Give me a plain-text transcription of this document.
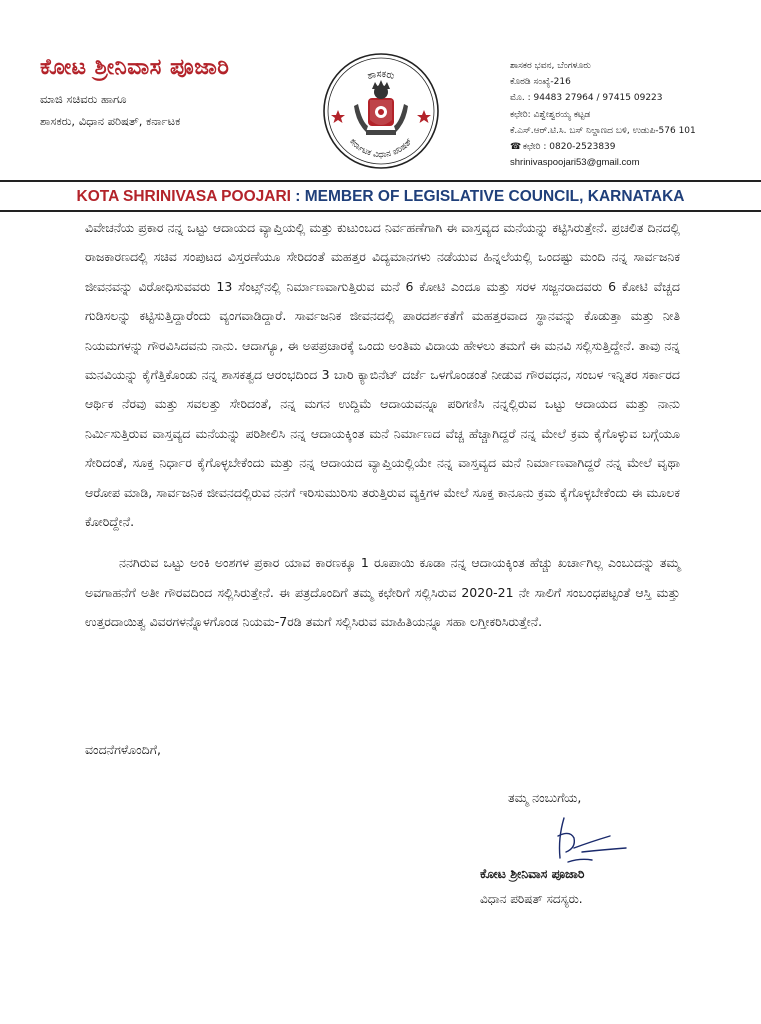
ಕೋಟ ಶ್ರೀನಿವಾಸ ಪೂಜಾರಿ
ಮಾಜಿ ಸಚಿವರು ಹಾಗೂ
ಶಾಸಕರು, ವಿಧಾನ ಪರಿಷತ್, ಕರ್ನಾಟಕ
ಶಾಸಕರು
ಕರ್ನಾಟಕ ವಿಧಾನ ಪರಿಷತ್
ಶಾಸಕರ ಭವನ, ಬೆಂಗಳೂರು
ಕೊಠಡಿ ಸಂಖ್ಯೆ-216
ಮೊ. : 94483 27964 / 97415 09223
ಕಛೇರಿ: ವಿಶ್ವೇಶ್ವರಯ್ಯ ಕಟ್ಟಡ
ಕೆ.ಎಸ್.ಆರ್.ಟಿ.ಸಿ. ಬಸ್ ನಿಲ್ದಾಣದ ಬಳಿ, ಉಡುಪಿ-576 101
☎ ಕಛೇರಿ : 0820-2523839
shrinivaspoojari53@gmail.com
KOTA SHRINIVASA POOJARI : MEMBER OF LEGISLATIVE COUNCIL, KARNATAKA

ವಿವೇಚನೆಯ ಪ್ರಕಾರ ನನ್ನ ಒಟ್ಟು ಆದಾಯದ ವ್ಯಾಪ್ತಿಯಲ್ಲಿ ಮತ್ತು ಕುಟುಂಬದ ನಿರ್ವಹಣೆಗಾಗಿ ಈ ವಾಸ್ತವ್ಯದ ಮನೆಯನ್ನು ಕಟ್ಟಿಸಿರುತ್ತೇನೆ. ಪ್ರಚಲಿತ ದಿನದಲ್ಲಿ ರಾಜಕಾರಣದಲ್ಲಿ ಸಚಿವ ಸಂಪುಟದ ವಿಸ್ತರಣೆಯೂ ಸೇರಿದಂತೆ ಮಹತ್ತರ ವಿದ್ಯಮಾನಗಳು ನಡೆಯುವ ಹಿನ್ನಲೆಯಲ್ಲಿ ಒಂದಷ್ಟು ಮಂದಿ ನನ್ನ ಸಾರ್ವಜನಿಕ ಜೀವನವನ್ನು ವಿರೋಧಿಸುವವರು 13 ಸೆಂಟ್ಸ್‌ನಲ್ಲಿ ನಿರ್ಮಾಣವಾಗುತ್ತಿರುವ ಮನೆ 6 ಕೋಟಿ ಎಂದೂ ಮತ್ತು ಸರಳ ಸಜ್ಜನರಾದವರು 6 ಕೋಟಿ ವೆಚ್ಚದ ಗುಡಿಸಲನ್ನು ಕಟ್ಟಿಸುತ್ತಿದ್ದಾರೆಂದು ವ್ಯಂಗವಾಡಿದ್ದಾರೆ. ಸಾರ್ವಜನಿಕ ಜೀವನದಲ್ಲಿ ಪಾರದರ್ಶಕತೆಗೆ ಮಹತ್ತರವಾದ ಸ್ಥಾನವನ್ನು ಕೊಡುತ್ತಾ ಮತ್ತು ನೀತಿ ನಿಯಮಗಳನ್ನು ಗೌರವಿಸಿದವನು ನಾನು. ಆದಾಗ್ಯೂ, ಈ ಅಪಪ್ರಚಾರಕ್ಕೆ ಒಂದು ಅಂತಿಮ ವಿದಾಯ ಹೇಳಲು ತಮಗೆ ಈ ಮನವಿ ಸಲ್ಲಿಸುತ್ತಿದ್ದೇನೆ. ತಾವು ನನ್ನ ಮನವಿಯನ್ನು ಕೈಗೆತ್ತಿಕೊಂಡು ನನ್ನ ಶಾಸಕತ್ವದ ಆರಂಭದಿಂದ 3 ಬಾರಿ ಕ್ಯಾಬಿನೆಟ್ ದರ್ಜೆ ಒಳಗೊಂಡಂತೆ ನೀಡುವ ಗೌರವಧನ, ಸಂಬಳ ಇನ್ನಿತರ ಸರ್ಕಾರದ ಆರ್ಥಿಕ ನೆರವು ಮತ್ತು ಸವಲತ್ತು ಸೇರಿದಂತೆ, ನನ್ನ ಮಗನ ಉದ್ದಿಮೆ ಆದಾಯವನ್ನೂ ಪರಿಗಣಿಸಿ ನನ್ನಲ್ಲಿರುವ ಒಟ್ಟು ಆದಾಯದ ಮತ್ತು ನಾನು ನಿರ್ಮಿಸುತ್ತಿರುವ ವಾಸ್ತವ್ಯದ ಮನೆಯನ್ನು ಪರಿಶೀಲಿಸಿ ನನ್ನ ಆದಾಯಕ್ಕಿಂತ ಮನೆ ನಿರ್ಮಾಣದ ವೆಚ್ಚ ಹೆಚ್ಚಾಗಿದ್ದರೆ ನನ್ನ ಮೇಲೆ ಕ್ರಮ ಕೈಗೊಳ್ಳುವ ಬಗ್ಗೆಯೂ ಸೇರಿದಂತೆ, ಸೂಕ್ತ ನಿರ್ಧಾರ ಕೈಗೊಳ್ಳಬೇಕೆಂದು ಮತ್ತು ನನ್ನ ಆದಾಯದ ವ್ಯಾಪ್ತಿಯಲ್ಲಿಯೇ ನನ್ನ ವಾಸ್ತವ್ಯದ ಮನೆ ನಿರ್ಮಾಣವಾಗಿದ್ದರೆ ನನ್ನ ಮೇಲೆ ವೃಥಾ ಆರೋಪ ಮಾಡಿ, ಸಾರ್ವಜನಿಕ ಜೀವನದಲ್ಲಿರುವ ನನಗೆ ಇರಿಸುಮುರಿಸು ತರುತ್ತಿರುವ ವ್ಯಕ್ತಿಗಳ ಮೇಲೆ ಸೂಕ್ತ ಕಾನೂನು ಕ್ರಮ ಕೈಗೊಳ್ಳಬೇಕೆಂದು ಈ ಮೂಲಕ ಕೋರಿದ್ದೇನೆ.

ನನಗಿರುವ ಒಟ್ಟು ಅಂಕಿ ಅಂಶಗಳ ಪ್ರಕಾರ ಯಾವ ಕಾರಣಕ್ಕೂ 1 ರೂಪಾಯಿ ಕೂಡಾ ನನ್ನ ಆದಾಯಕ್ಕಿಂತ ಹೆಚ್ಚು ಖರ್ಚಾಗಿಲ್ಲ ಎಂಬುದನ್ನು ತಮ್ಮ ಅವಗಾಹನೆಗೆ ಅತೀ ಗೌರವದಿಂದ ಸಲ್ಲಿಸಿರುತ್ತೇನೆ. ಈ ಪತ್ರದೊಂದಿಗೆ ತಮ್ಮ ಕಛೇರಿಗೆ ಸಲ್ಲಿಸಿರುವ 2020-21 ನೇ ಸಾಲಿಗೆ ಸಂಬಂಧಪಟ್ಟಂತೆ ಆಸ್ತಿ ಮತ್ತು ಉತ್ತರದಾಯಿತ್ವ ವಿವರಗಳನ್ನೊಳಗೊಂಡ ನಿಯಮ-7ರಡಿ ತಮಗೆ ಸಲ್ಲಿಸಿರುವ ಮಾಹಿತಿಯನ್ನೂ ಸಹಾ ಲಗ್ತೀಕರಿಸಿರುತ್ತೇನೆ.

ವಂದನೆಗಳೊಂದಿಗೆ,
ತಮ್ಮ ನಂಬುಗೆಯ,
ಕೋಟ ಶ್ರೀನಿವಾಸ ಪೂಜಾರಿ
ವಿಧಾನ ಪರಿಷತ್ ಸದಸ್ಯರು.
